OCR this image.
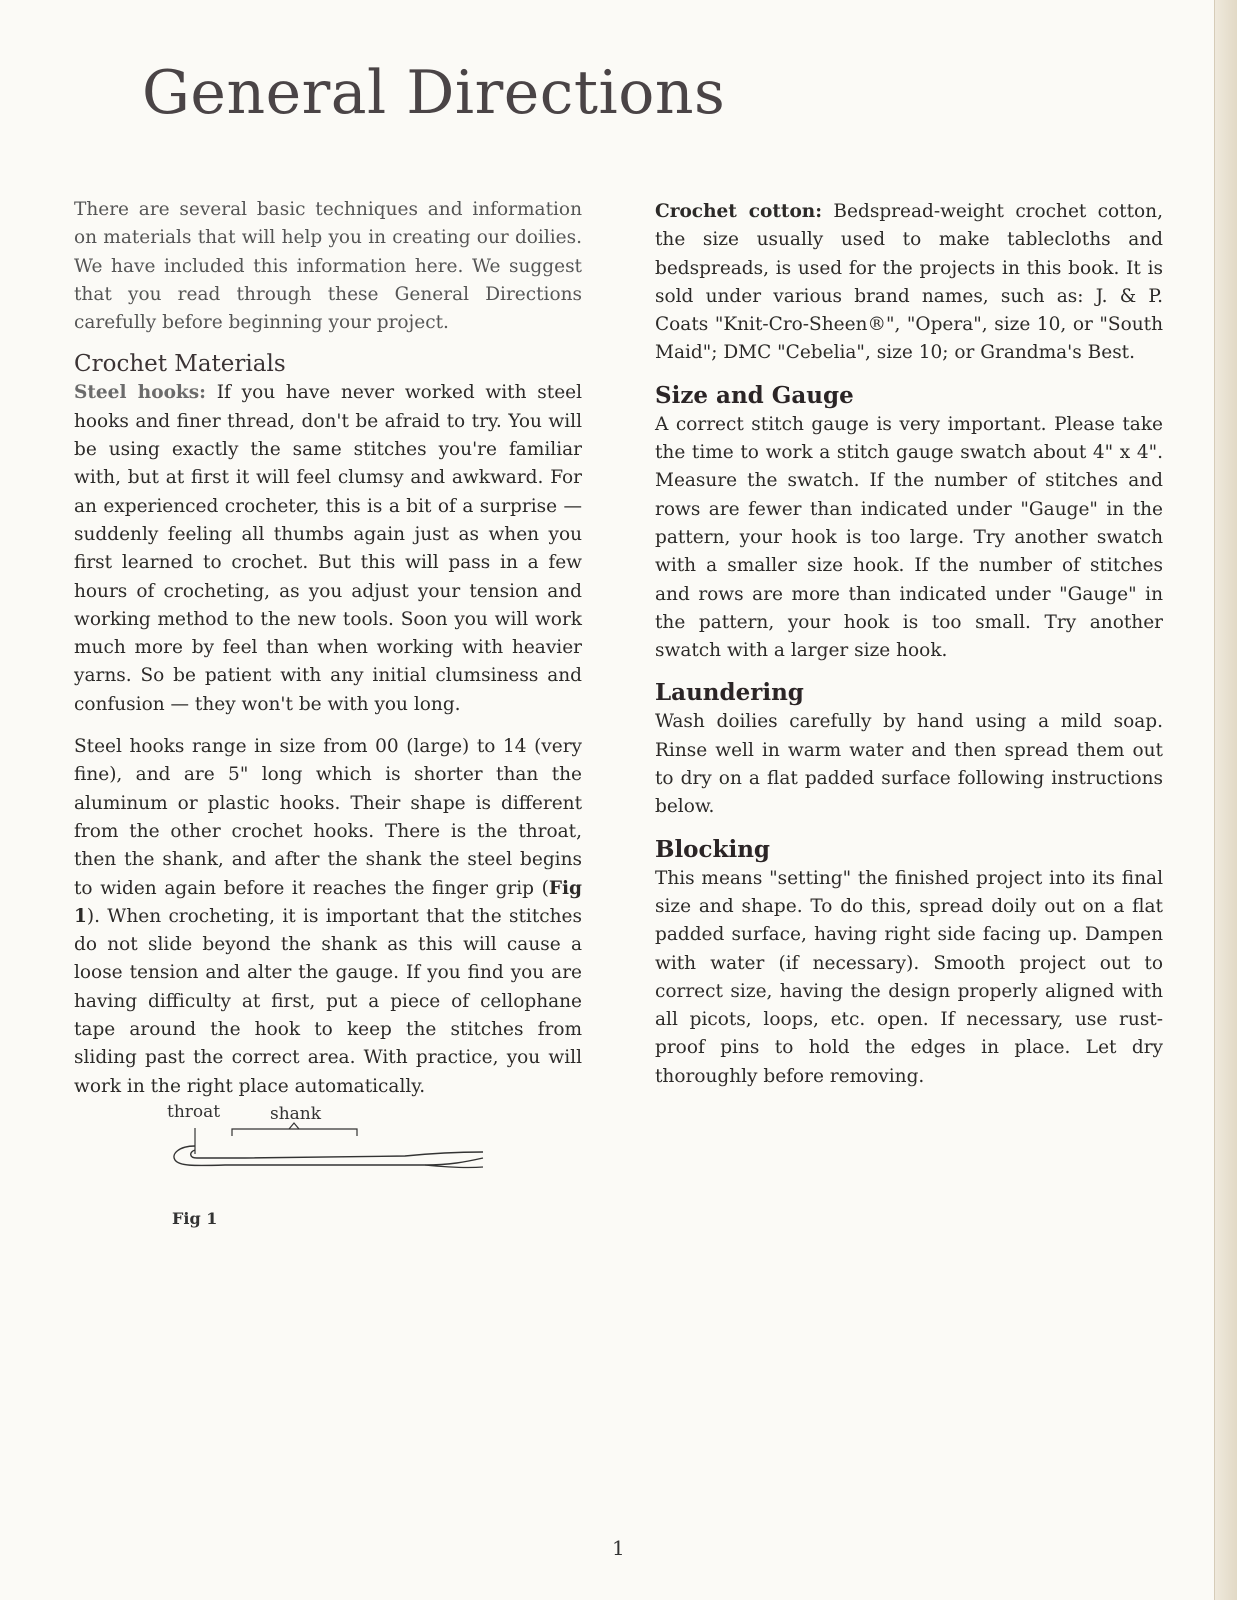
General Directions

There are several basic techniques and information on materials that will help you in creating our doilies. We have included this information here. We suggest that you read through these General Directions carefully before beginning your project.

Crochet Materials

Steel hooks: If you have never worked with steel hooks and finer thread, don't be afraid to try. You will be using exactly the same stitches you're familiar with, but at first it will feel clumsy and awkward. For an experienced crocheter, this is a bit of a surprise — suddenly feeling all thumbs again just as when you first learned to crochet. But this will pass in a few hours of crocheting, as you adjust your tension and working method to the new tools. Soon you will work much more by feel than when working with heavier yarns. So be patient with any initial clumsiness and confusion — they won't be with you long.

Steel hooks range in size from 00 (large) to 14 (very fine), and are 5" long which is shorter than the aluminum or plastic hooks. Their shape is different from the other crochet hooks. There is the throat, then the shank, and after the shank the steel begins to widen again before it reaches the finger grip (Fig 1). When crocheting, it is important that the stitches do not slide beyond the shank as this will cause a loose tension and alter the gauge. If you find you are having difficulty at first, put a piece of cellophane tape around the hook to keep the stitches from sliding past the correct area. With practice, you will work in the right place automatically.

throat	shank

Fig 1

Crochet cotton: Bedspread-weight crochet cotton, the size usually used to make tablecloths and bedspreads, is used for the projects in this book. It is sold under various brand names, such as: J. & P. Coats "Knit-Cro-Sheen®", "Opera", size 10, or "South Maid"; DMC "Cebelia", size 10; or Grandma's Best.

Size and Gauge

A correct stitch gauge is very important. Please take the time to work a stitch gauge swatch about 4" x 4". Measure the swatch. If the number of stitches and rows are fewer than indicated under "Gauge" in the pattern, your hook is too large. Try another swatch with a smaller size hook. If the number of stitches and rows are more than indicated under "Gauge" in the pattern, your hook is too small. Try another swatch with a larger size hook.

Laundering

Wash doilies carefully by hand using a mild soap. Rinse well in warm water and then spread them out to dry on a flat padded surface following instructions below.

Blocking

This means "setting" the finished project into its final size and shape. To do this, spread doily out on a flat padded surface, having right side facing up. Dampen with water (if necessary). Smooth project out to correct size, having the design properly aligned with all picots, loops, etc. open. If necessary, use rust-proof pins to hold the edges in place. Let dry thoroughly before removing.

1
